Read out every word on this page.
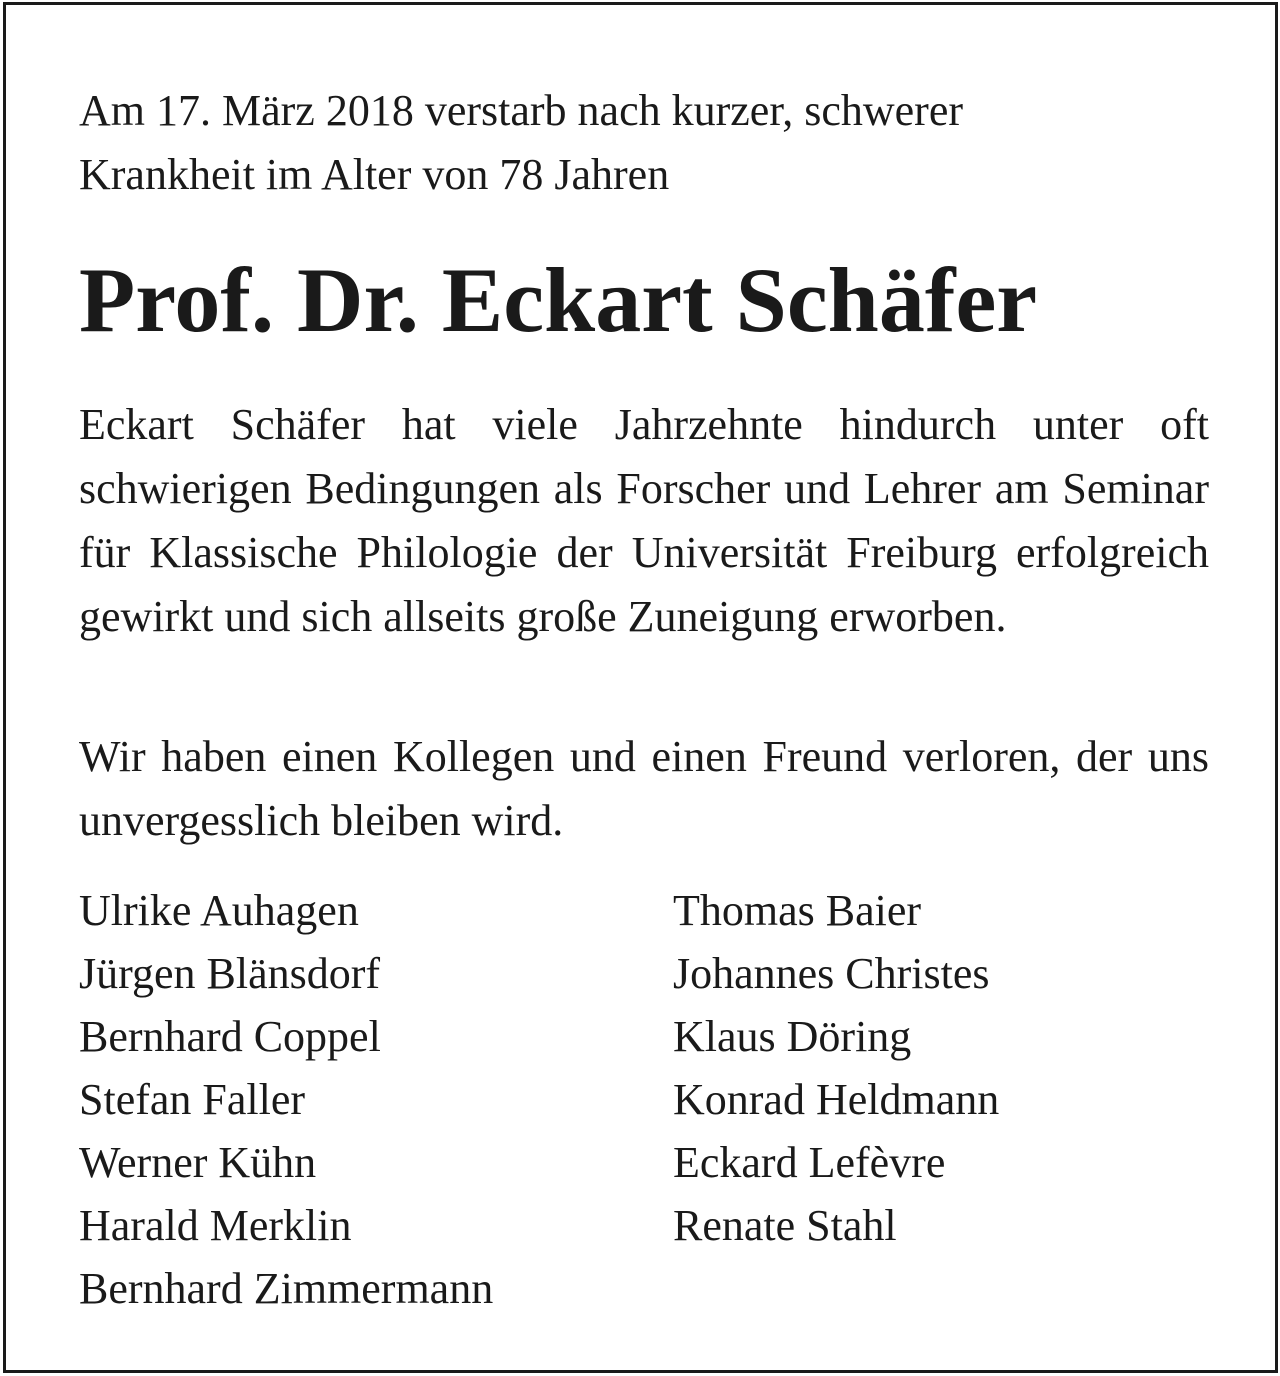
Am 17. März 2018 verstarb nach kurzer, schwerer
Krankheit im Alter von 78 Jahren

Prof. Dr. Eckart Schäfer

Eckart Schäfer hat viele Jahrzehnte hindurch unter oft schwierigen Bedingungen als Forscher und Lehrer am Seminar für Klassische Philologie der Universität Freiburg erfolgreich gewirkt und sich allseits große Zuneigung erworben.

Wir haben einen Kollegen und einen Freund verloren, der uns unvergesslich bleiben wird.

Ulrike Auhagen
Jürgen Blänsdorf
Bernhard Coppel
Stefan Faller
Werner Kühn
Harald Merklin
Bernhard Zimmermann
Thomas Baier
Johannes Christes
Klaus Döring
Konrad Heldmann
Eckard Lefèvre
Renate Stahl
